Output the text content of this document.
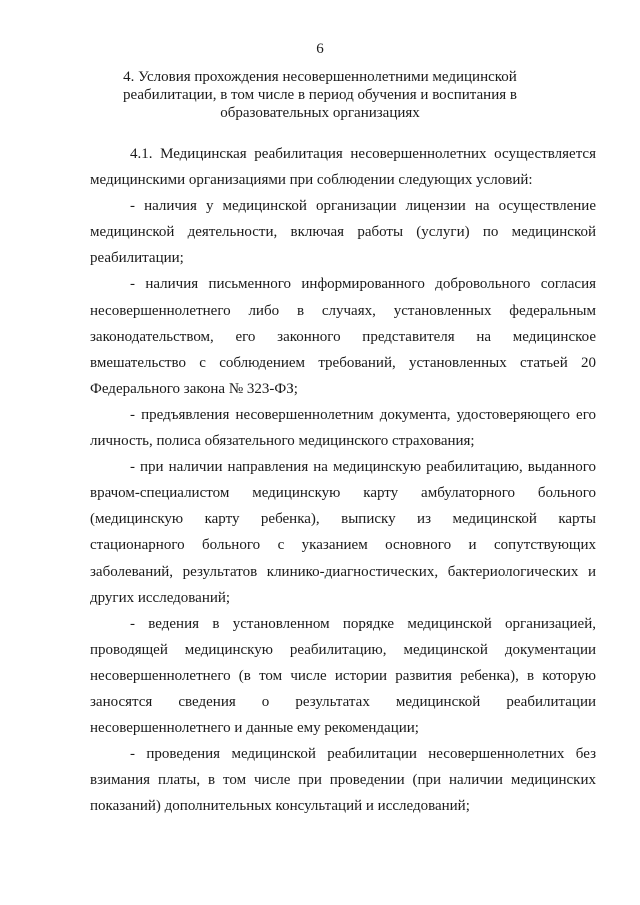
6
4. Условия прохождения несовершеннолетними медицинской
реабилитации, в том числе в период обучения и воспитания в
образовательных организациях

4.1. Медицинская реабилитация несовершеннолетних осуществляется
медицинскими организациями при соблюдении следующих условий:

- наличия у медицинской организации лицензии на осуществление
медицинской деятельности, включая работы (услуги) по медицинской
реабилитации;

- наличия письменного информированного добровольного согласия
несовершеннолетнего либо в случаях, установленных федеральным
законодательством, его законного представителя на медицинское
вмешательство с соблюдением требований, установленных статьей 20
Федерального закона № 323-ФЗ;

- предъявления несовершеннолетним документа, удостоверяющего его
личность, полиса обязательного медицинского страхования;

- при наличии направления на медицинскую реабилитацию, выданного
врачом-специалистом медицинскую карту амбулаторного больного
(медицинскую карту ребенка), выписку из медицинской карты
стационарного больного с указанием основного и сопутствующих
заболеваний, результатов клинико-диагностических, бактериологических и
других исследований;

- ведения в установленном порядке медицинской организацией,
проводящей медицинскую реабилитацию, медицинской документации
несовершеннолетнего (в том числе истории развития ребенка), в которую
заносятся сведения о результатах медицинской реабилитации
несовершеннолетнего и данные ему рекомендации;

- проведения медицинской реабилитации несовершеннолетних без
взимания платы, в том числе при проведении (при наличии медицинских
показаний) дополнительных консультаций и исследований;
